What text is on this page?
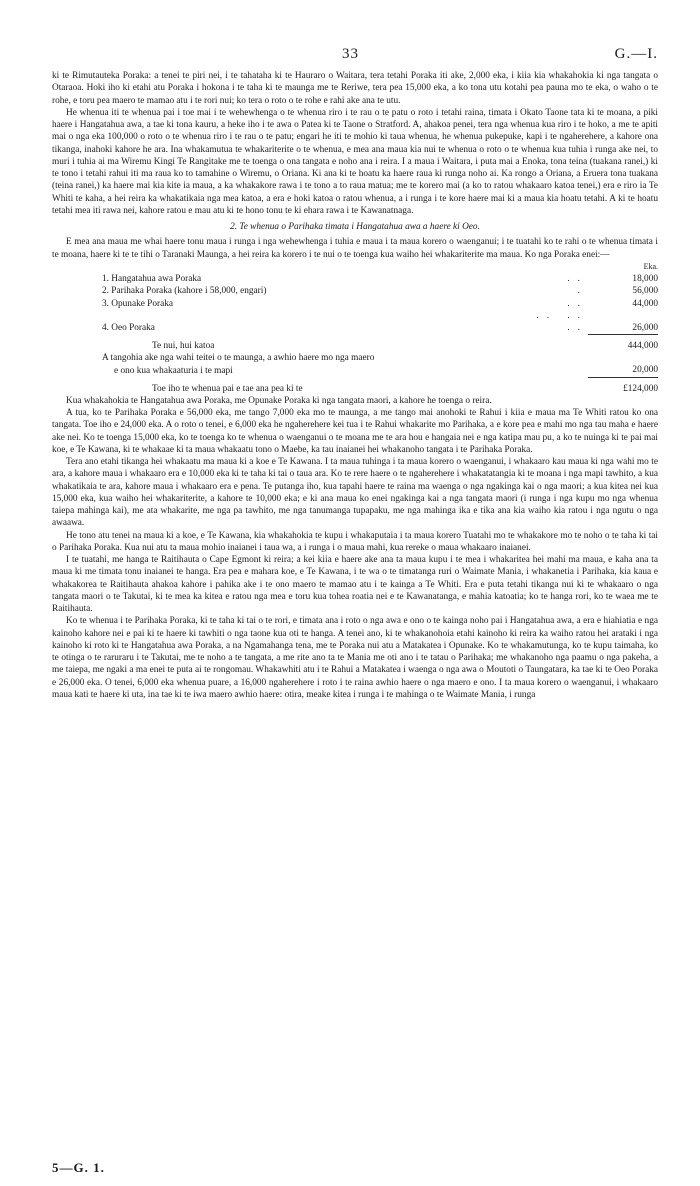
33	G.—I.

ki te Rimutauteka Poraka: a tenei te piri nei, i te tahataha ki te Hauraro o Waitara, tera tetahi Poraka iti ake, 2,000 eka, i kiia kia whakahokia ki nga tangata o Otaraoa. Hoki iho ki etahi atu Poraka i hokona i te taha ki te maunga me te Reriwe, tera pea 15,000 eka, a ko tona utu kotahi pea pauna mo te eka, o waho o te rohe, e toru pea maero te mamao atu i te rori nui; ko tera o roto o te rohe e rahi ake ana te utu.

He whenua iti te whenua pai i toe mai i te wehewhenga o te whenua riro i te rau o te patu o roto i tetahi raina, timata i Okato Taone tata ki te moana, a piki haere i Hangatahua awa, a tae ki tona kauru, a heke iho i te awa o Patea ki te Taone o Stratford. A, ahakoa penei, tera nga whenua kua riro i te hoko, a me te apiti mai o nga eka 100,000 o roto o te whenua riro i te rau o te patu; engari he iti te mohio ki taua whenua, he whenua pukepuke, kapi i te ngaherehere, a kahore ona tikanga, inahoki kahore he ara. Ina whakamutua te whakariterite o te whenua, e mea ana maua kia nui te whenua o roto o te whenua kua tuhia i runga ake nei, to muri i tuhia ai ma Wiremu Kingi Te Rangitake me te toenga o ona tangata e noho ana i reira. I a maua i Waitara, i puta mai a Enoka, tona teina (tuakana ranei,) ki te tono i tetahi rahui iti ma raua ko to tamahine o Wiremu, o Oriana. Ki ana ki te hoatu ka haere raua ki runga noho ai. Ka rongo a Oriana, a Eruera tona tuakana (teina ranei,) ka haere mai kia kite ia maua, a ka whakakore rawa i te tono a to raua matua; me te korero mai (a ko to ratou whakaaro katoa tenei,) era e riro ia Te Whiti te kaha, a hei reira ka whakatikaia nga mea katoa, a era e hoki katoa o ratou whenua, a i runga i te kore haere mai ki a maua kia hoatu tetahi. A ki te hoatu tetahi mea iti rawa nei, kahore ratou e mau atu ki te hono tonu te ki ehara rawa i te Kawanatnaga.

2. Te whenua o Parihaka timata i Hangatahua awa a haere ki Oeo.

E mea ana maua me whai haere tonu maua i runga i nga wehewhenga i tuhia e maua i ta maua korero o waenganui; i te tuatahi ko te rahi o te whenua timata i te moana, haere ki te te tihi o Taranaki Maunga, a hei reira ka korero i te nui o te toenga kua waiho hei whakariterite ma maua. Ko nga Poraka enei:—

		Eka.
1. Hangatahua awa Poraka	..	18,000
2. Parihaka Poraka (kahore i 58,000, engari)	.	56,000
3. Opunake Poraka	..	44,000
4. Oeo Poraka	.. .. ..	26,000
Te nui, hui katoa		444,000
A tangohia ake nga wahi teitei o te maunga, a awhio haere mo nga maero		
e ono kua whakaaturia i te mapi		20,000
Toe iho te whenua pai e tae ana pea ki te		£124,000

Kua whakahokia te Hangatahua awa Poraka, me Opunake Poraka ki nga tangata maori, a kahore he toenga o reira.

A tua, ko te Parihaka Poraka e 56,000 eka, me tango 7,000 eka mo te maunga, a me tango mai anohoki te Rahui i kiia e maua ma Te Whiti ratou ko ona tangata. Toe iho e 24,000 eka. A o roto o tenei, e 6,000 eka he ngaherehere kei tua i te Rahui whakarite mo Parihaka, a e kore pea e mahi mo nga tau maha e haere ake nei. Ko te toenga 15,000 eka, ko te toenga ko te whenua o waenganui o te moana me te ara hou e hangaia nei e nga katipa mau pu, a ko te nuinga ki te pai mai koe, e Te Kawana, ki te whakaae ki ta maua whakaatu tono o Maebe, ka tau inaianei hei whakanoho tangata i te Parihaka Poraka.

Tera ano etahi tikanga hei whakaatu ma maua ki a koe e Te Kawana. I ta maua tuhinga i ta maua korero o waenganui, i whakaaro kau maua ki nga wahi mo te ara, a kahore maua i whakaaro era e 10,000 eka ki te taha ki tai o taua ara. Ko te rere haere o te ngaherehere i whakatatangia ki te moana i nga mapi tawhito, a kua whakatikaia te ara, kahore maua i whakaaro era e pena. Te putanga iho, kua tapahi haere te raina ma waenga o nga ngakinga kai o nga maori; a kua kitea nei kua 15,000 eka, kua waiho hei whakariterite, a kahore te 10,000 eka; e ki ana maua ko enei ngakinga kai a nga tangata maori (i runga i nga kupu mo nga whenua taiepa mahinga kai), me ata whakarite, me nga pa tawhito, me nga tanumanga tupapaku, me nga mahinga ika e tika ana kia waiho kia ratou i nga ngutu o nga awaawa.

He tono atu tenei na maua ki a koe, e Te Kawana, kia whakahokia te kupu i whakaputaia i ta maua korero Tuatahi mo te whakakore mo te noho o te taha ki tai o Parihaka Poraka. Kua nui atu ta maua mohio inaianei i taua wa, a i runga i o maua mahi, kua rereke o maua whakaaro inaianei.

I te tuatahi, me hanga te Raitihauta o Cape Egmont ki reira; a kei kiia e haere ake ana ta maua kupu i te mea i whakaritea hei mahi ma maua, e kaha ana ta maua ki me timata tonu inaianei te hanga. Era pea e mahara koe, e Te Kawana, i te wa o te timatanga ruri o Waimate Mania, i whakanetia i Parihaka, kia kaua e whakakorea te Raitihauta ahakoa kahore i pahika ake i te ono maero te mamao atu i te kainga a Te Whiti. Era e puta tetahi tikanga nui ki te whakaaro o nga tangata maori o te Takutai, ki te mea ka kitea e ratou nga mea e toru kua tohea roatia nei e te Kawanatanga, e mahia katoatia; ko te hanga rori, ko te waea me te Raitihauta.

Ko te whenua i te Parihaka Poraka, ki te taha ki tai o te rori, e timata ana i roto o nga awa e ono o te kainga noho pai i Hangatahua awa, a era e hiahiatia e nga kainoho kahore nei e pai ki te haere ki tawhiti o nga taone kua oti te hanga. A tenei ano, ki te whakanohoia etahi kainoho ki reira ka waiho ratou hei arataki i nga kainoho ki roto ki te Hangatahua awa Poraka, a na Ngamahanga tena, me te Poraka nui atu a Matakatea i Opunake. Ko te whakamutunga, ko te kupu taimaha, ko te otinga o te raruraru i te Takutai, me te noho a te tangata, a me rite ano ta te Mania me oti ano i te tatau o Parihaka; me whakanoho nga paamu o nga pakeha, a me taiepa, me ngaki a ma enei te puta ai te rongomau. Whakawhiti atu i te Rahui a Matakatea i waenga o nga awa o Moutoti o Taungatara, ka tae ki te Oeo Poraka e 26,000 eka. O tenei, 6,000 eka whenua puare, a 16,000 ngaherehere i roto i te raina awhio haere o nga maero e ono. I ta maua korero o waenganui, i whakaaro maua kati te haere ki uta, ina tae ki te iwa maero awhio haere: otira, meake kitea i runga i te mahinga o te Waimate Mania, i runga

5—G. 1.
